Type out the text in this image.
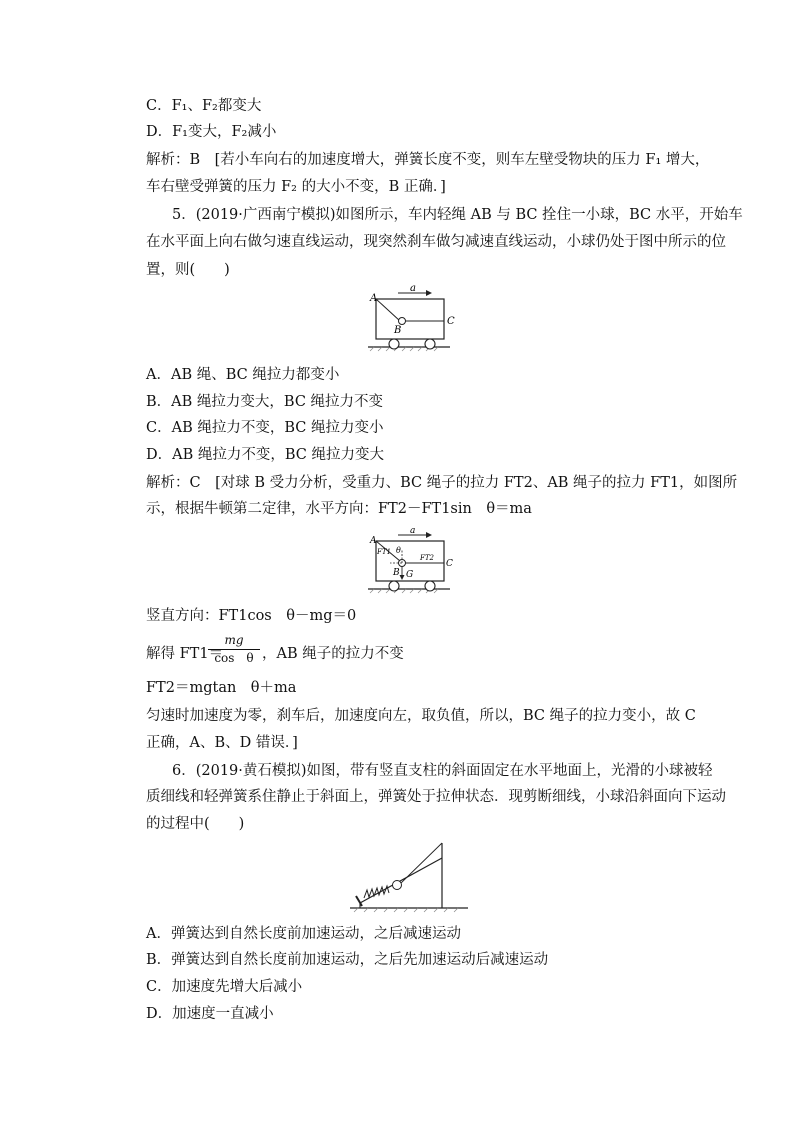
C．F₁、F₂都变大
D．F₁变大，F₂减小
解析：B　[若小车向右的加速度增大，弹簧长度不变，则车左壁受物块的压力 F₁ 增大，
车右壁受弹簧的压力 F₂ 的大小不变，B 正确．]
5．(2019·广西南宁模拟)如图所示，车内轻绳 AB 与 BC 拴住一小球，BC 水平，开始车
在水平面上向右做匀速直线运动，现突然刹车做匀减速直线运动，小球仍处于图中所示的位
置，则(　　)
A
a
B
C
A．AB 绳、BC 绳拉力都变小
B．AB 绳拉力变大，BC 绳拉力不变
C．AB 绳拉力不变，BC 绳拉力变小
D．AB 绳拉力不变，BC 绳拉力变大
解析：C　[对球 B 受力分析，受重力、BC 绳子的拉力 FT2、AB 绳子的拉力 FT1，如图所
示，根据牛顿第二定律，水平方向：FT2－FT1sin　θ＝ma
A
a
FT1 θ
FT2
C
B G
竖直方向：FT1cos　θ－mg＝0
解得 FT1＝
mg
cos　θ ，AB 绳子的拉力不变
FT2＝mgtan　θ＋ma
匀速时加速度为零，刹车后，加速度向左，取负值，所以，BC 绳子的拉力变小，故 C
正确，A、B、D 错误．]
6．(2019·黄石模拟)如图，带有竖直支柱的斜面固定在水平地面上，光滑的小球被轻
质细线和轻弹簧系住静止于斜面上，弹簧处于拉伸状态．现剪断细线，小球沿斜面向下运动
的过程中(　　)
A．弹簧达到自然长度前加速运动，之后减速运动
B．弹簧达到自然长度前加速运动，之后先加速运动后减速运动
C．加速度先增大后减小
D．加速度一直减小
